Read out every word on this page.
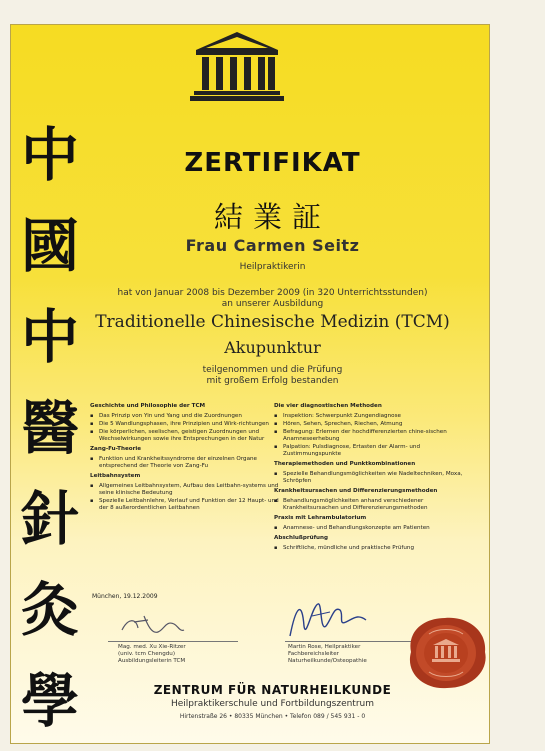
中
國
中
醫
針
灸
學
ZERTIFIKAT
結業証
Frau Carmen Seitz
Heilpraktikerin
hat von Januar 2008 bis Dezember 2009 (in 320 Unterrichtsstunden)
an unserer Ausbildung
Traditionelle Chinesische Medizin (TCM)
Akupunktur
teilgenommen und die Prüfung
mit großem Erfolg bestanden
Geschichte und Philosophie der TCM
▪ Das Prinzip von Yin und Yang und die Zuordnungen
▪ Die 5 Wandlungsphasen, ihre Prinzipien und Wirk-richtungen
▪ Die körperlichen, seelischen, geistigen Zuordnungen und Wechselwirkungen sowie ihre Entsprechungen in der Natur
Zang-Fu-Theorie
▪ Funktion und Krankheitssyndrome der einzelnen Organe entsprechend der Theorie von Zang-Fu
Leitbahnsystem
▪ Allgemeines Leitbahnsystem, Aufbau des Leitbahn-systems und seine klinische Bedeutung
▪ Spezielle Leitbahnlehre, Verlauf und Funktion der 12 Haupt- und der 8 außerordentlichen Leitbahnen
Die vier diagnostischen Methoden
▪ Inspektion: Schwerpunkt Zungendiagnose
▪ Hören, Sehen, Sprechen, Riechen, Atmung
▪ Befragung: Erlernen der hochdifferenzierten chine-sischen Anamneseerhebung
▪ Palpation: Pulsdiagnose, Ertasten der Alarm- und Zustimmungspunkte
Therapiemethoden und Punktkombinationen
▪ Spezielle Behandlungsmöglichkeiten wie Nadeltechniken, Moxa, Schröpfen
Krankheitsursachen und Differenzierungsmethoden
▪ Behandlungsmöglichkeiten anhand verschiedener Krankheitsursachen und Differenzierungsmethoden
Praxis mit Lehrambulatorium
▪ Anamnese- und Behandlungskonzepte am Patienten
Abschlußprüfung
▪ Schriftliche, mündliche und praktische Prüfung
München, 19.12.2009
Mag. med. Xu Xie-Ritzer
(univ. tcm Chengdu)
Ausbildungsleiterin TCM
Martin Rose, Heilpraktiker
Fachbereichsleiter
Naturheilkunde/Osteopathie
ZENTRUM FÜR NATURHEILKUNDE
Heilpraktikerschule und Fortbildungszentrum
Hirtenstraße 26 • 80335 München • Telefon 089 / 545 931 - 0
